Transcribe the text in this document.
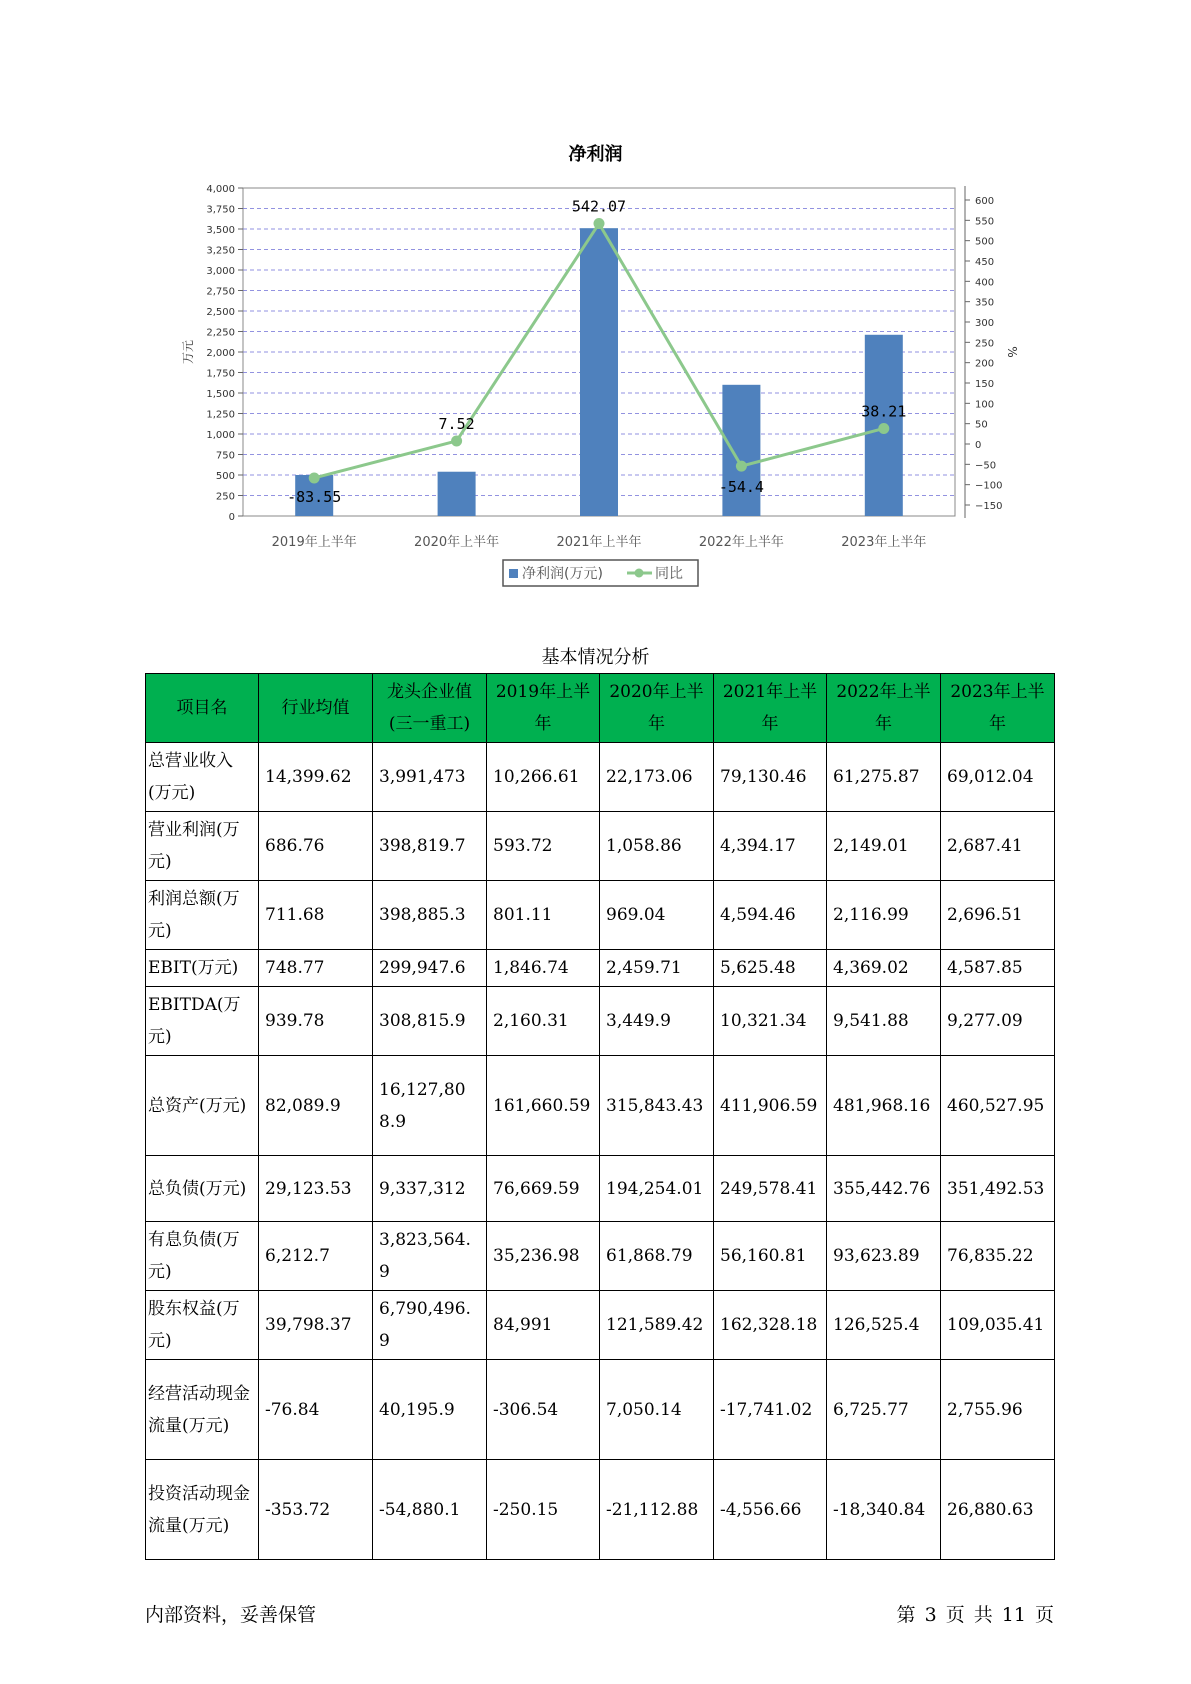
净利润
0
250
500
750
1,000
1,250
1,500
1,750
2,000
2,250
2,500
2,750
3,000
3,250
3,500
3,750
4,000
600
550
500
450
400
350
300
250
200
150
100
50
0
−50
−100
−150
万元	%
2019年上半年	2020年上半年	2021年上半年	2022年上半年	2023年上半年
-83.55
7.52
542.07
-54.4
38.21
净利润(万元)	同比
基本情况分析
项目名	行业均值	龙头企业值(三一重工)	2019年上半年	2020年上半年	2021年上半年	2022年上半年	2023年上半年
总营业收入(万元)	14,399.62	3,991,473	10,266.61	22,173.06	79,130.46	61,275.87	69,012.04
营业利润(万元)	686.76	398,819.7	593.72	1,058.86	4,394.17	2,149.01	2,687.41
利润总额(万元)	711.68	398,885.3	801.11	969.04	4,594.46	2,116.99	2,696.51
EBIT(万元)	748.77	299,947.6	1,846.74	2,459.71	5,625.48	4,369.02	4,587.85
EBITDA(万元)	939.78	308,815.9	2,160.31	3,449.9	10,321.34	9,541.88	9,277.09
总资产(万元)	82,089.9	16,127,808.9	161,660.59	315,843.43	411,906.59	481,968.16	460,527.95
总负债(万元)	29,123.53	9,337,312	76,669.59	194,254.01	249,578.41	355,442.76	351,492.53
有息负债(万元)	6,212.7	3,823,564.9	35,236.98	61,868.79	56,160.81	93,623.89	76,835.22
股东权益(万元)	39,798.37	6,790,496.9	84,991	121,589.42	162,328.18	126,525.4	109,035.41
经营活动现金流量(万元)	-76.84	40,195.9	-306.54	7,050.14	-17,741.02	6,725.77	2,755.96
投资活动现金流量(万元)	-353.72	-54,880.1	-250.15	-21,112.88	-4,556.66	-18,340.84	26,880.63
内部资料，妥善保管	第 3 页 共 11 页
